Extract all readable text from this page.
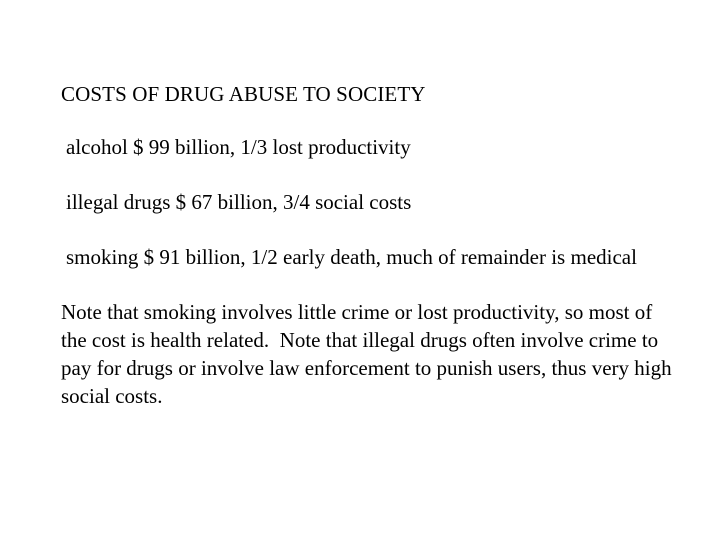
COSTS OF DRUG ABUSE TO SOCIETY
alcohol $ 99 billion, 1/3 lost productivity
illegal drugs $ 67 billion, 3/4 social costs
smoking $ 91 billion, 1/2 early death, much of remainder is medical
Note that smoking involves little crime or lost productivity, so most of the cost is health related.  Note that illegal drugs often involve crime to pay for drugs or involve law enforcement to punish users, thus very high social costs.
